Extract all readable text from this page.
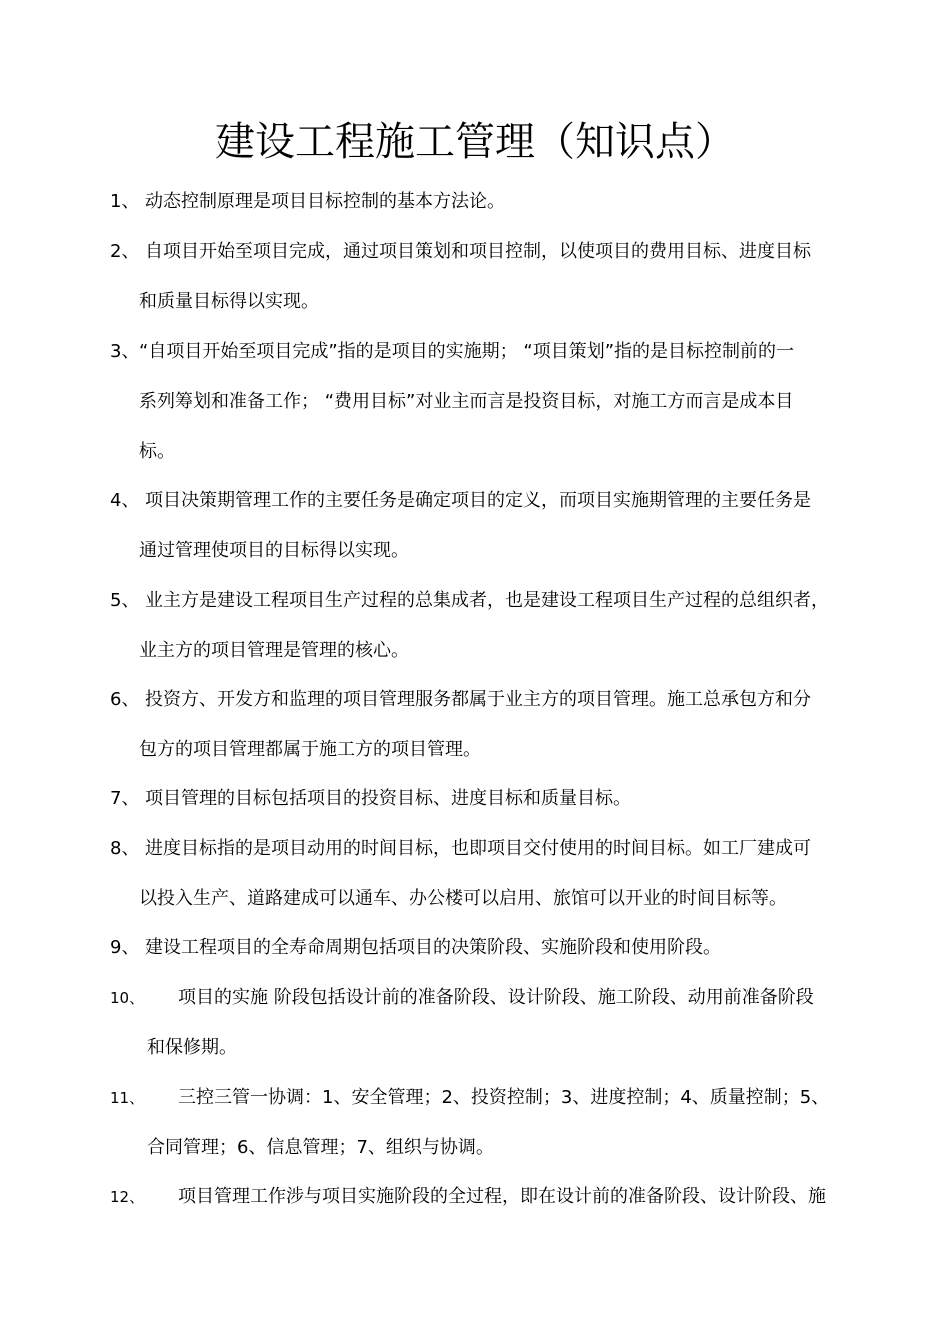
建设工程施工管理（知识点）
1、 动态控制原理是项目目标控制的基本方法论。
2、 自项目开始至项目完成，通过项目策划和项目控制，以使项目的费用目标、进度目标
和质量目标得以实现。
3、 “自项目开始至项目完成”指的是项目的实施期； “项目策划”指的是目标控制前的一
系列筹划和准备工作； “费用目标”对业主而言是投资目标，对施工方而言是成本目
标。
4、 项目决策期管理工作的主要任务是确定项目的定义，而项目实施期管理的主要任务是
通过管理使项目的目标得以实现。
5、 业主方是建设工程项目生产过程的总集成者，也是建设工程项目生产过程的总组织者，
业主方的项目管理是管理的核心。
6、 投资方、开发方和监理的项目管理服务都属于业主方的项目管理。施工总承包方和分
包方的项目管理都属于施工方的项目管理。
7、 项目管理的目标包括项目的投资目标、进度目标和质量目标。
8、 进度目标指的是项目动用的时间目标，也即项目交付使用的时间目标。如工厂建成可
以投入生产、道路建成可以通车、办公楼可以启用、旅馆可以开业的时间目标等。
9、 建设工程项目的全寿命周期包括项目的决策阶段、实施阶段和使用阶段。
10、 项目的实施 阶段包括设计前的准备阶段、设计阶段、施工阶段、动用前准备阶段
和保修期。
11、 三控三管一协调：1、安全管理；2、投资控制；3、进度控制；4、质量控制；5、
合同管理；6、信息管理；7、组织与协调。
12、 项目管理工作涉与项目实施阶段的全过程，即在设计前的准备阶段、设计阶段、施
